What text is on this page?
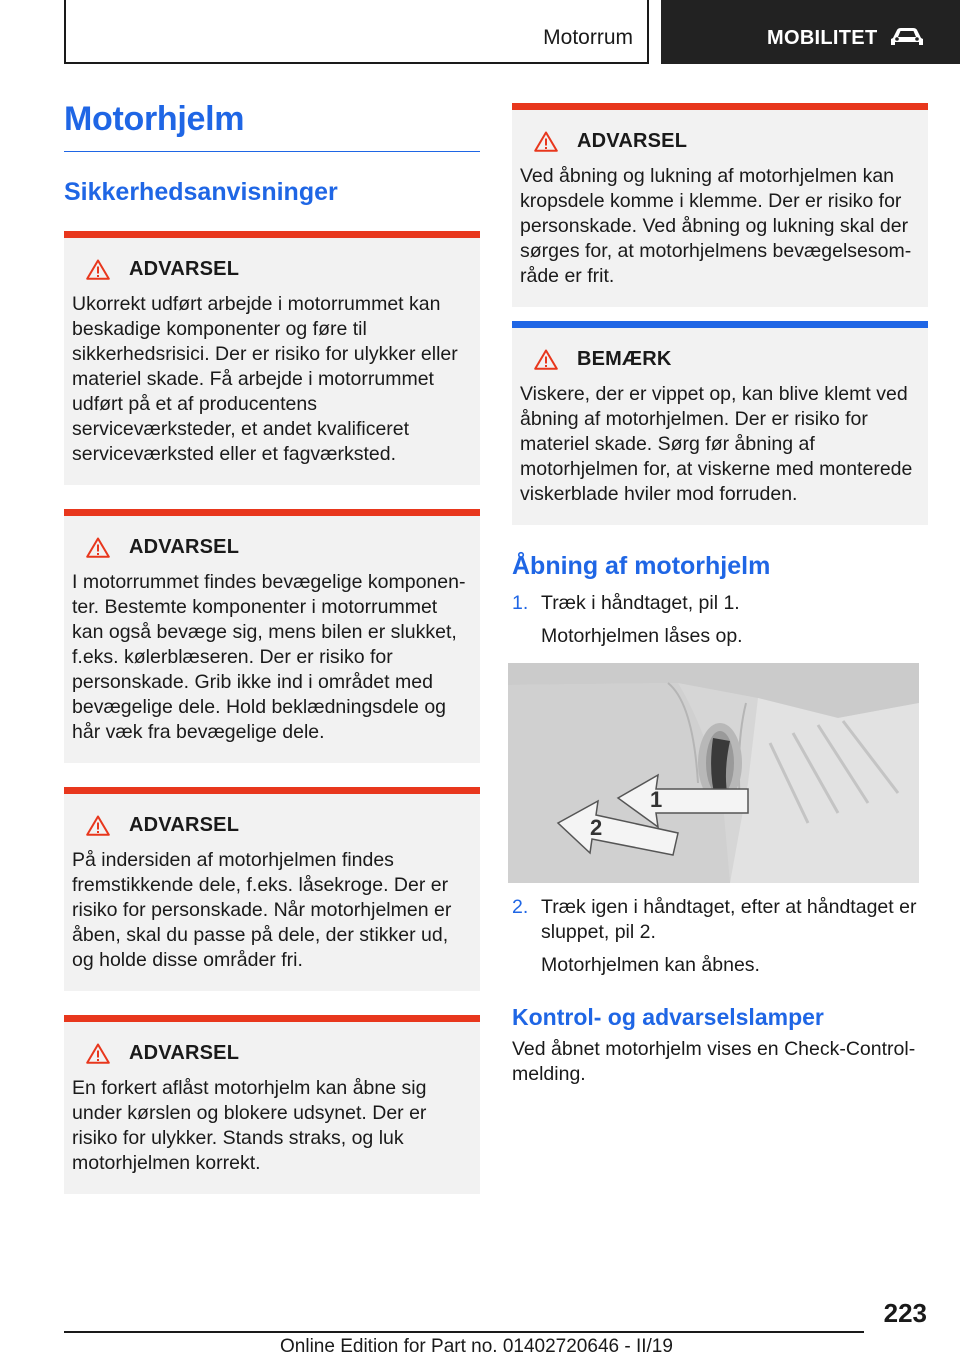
Motorrum	MOBILITET
Motorhjelm
Sikkerhedsanvisninger
ADVARSEL
Ukorrekt udført arbejde i motorrummet kan beskadige komponenter og føre til sikkerhedsrisici. Der er risiko for ulykker eller materiel skade. Få arbejde i motorrummet udført på et af producentens serviceværksteder, et andet kvalificeret serviceværksted eller et fagværksted.
ADVARSEL
I motorrummet findes bevægelige komponenter. Bestemte komponenter i motorrummet kan også bevæge sig, mens bilen er slukket, f.eks. kølerblæseren. Der er risiko for personskade. Grib ikke ind i området med bevægelige dele. Hold beklædningsdele og hår væk fra bevægelige dele.
ADVARSEL
På indersiden af motorhjelmen findes fremstikkende dele, f.eks. låsekroge. Der er risiko for personskade. Når motorhjelmen er åben, skal du passe på dele, der stikker ud, og holde disse områder fri.
ADVARSEL
En forkert aflåst motorhjelm kan åbne sig under kørslen og blokere udsynet. Der er risiko for ulykker. Stands straks, og luk motorhjelmen korrekt.
ADVARSEL
Ved åbning og lukning af motorhjelmen kan kropsdele komme i klemme. Der er risiko for personskade. Ved åbning og lukning skal der sørges for, at motorhjelmens bevægelsesområde er frit.
BEMÆRK
Viskere, der er vippet op, kan blive klemt ved åbning af motorhjelmen. Der er risiko for materiel skade. Sørg før åbning af motorhjelmen for, at viskerne med monterede viskerblade hviler mod forruden.
Åbning af motorhjelm
1. Træk i håndtaget, pil 1.
Motorhjelmen låses op.
1
2
2. Træk igen i håndtaget, efter at håndtaget er sluppet, pil 2.
Motorhjelmen kan åbnes.
Kontrol- og advarselslamper
Ved åbnet motorhjelm vises en Check-Control-melding.
223
Online Edition for Part no. 01402720646 - II/19
